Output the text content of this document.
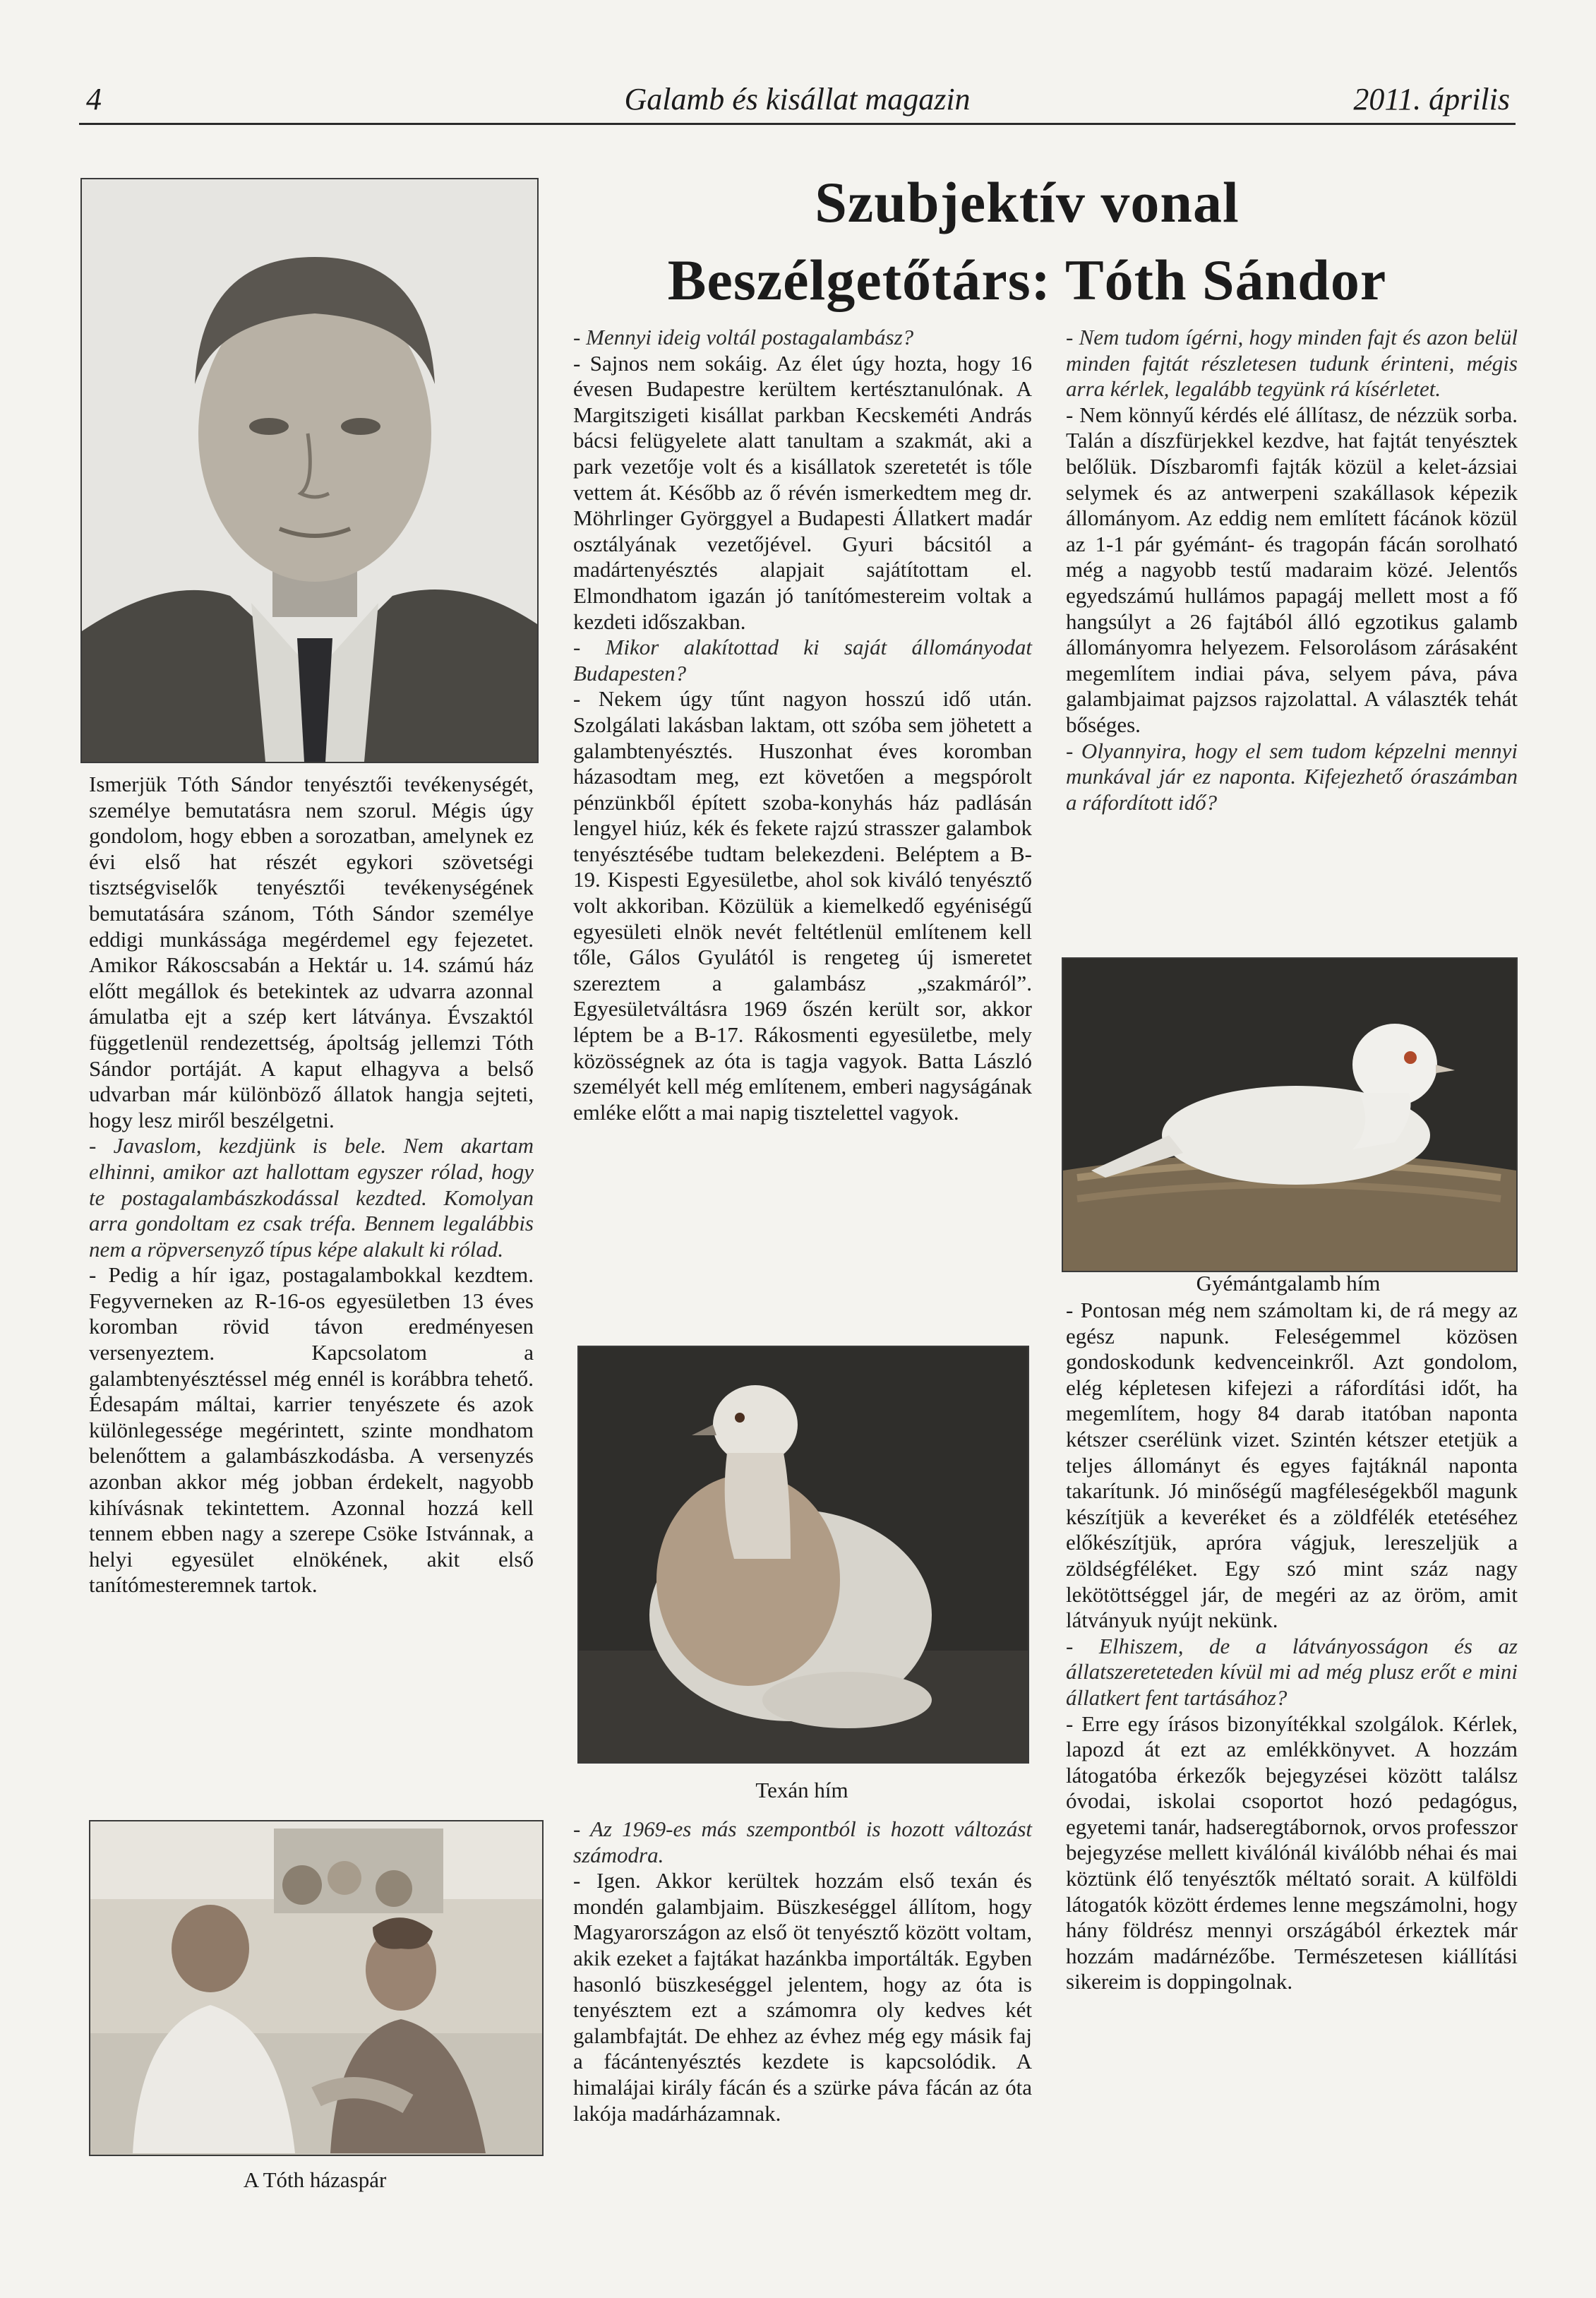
4	Galamb és kisállat magazin	2011. április
Szubjektív vonal
Beszélgetőtárs: Tóth Sándor

Ismerjük Tóth Sándor tenyésztői tevékenységét, személye bemutatásra nem szorul. Mégis úgy gondolom, hogy ebben a sorozatban, amelynek ez évi első hat részét egykori szövetségi tisztségviselők tenyésztői tevékenységének bemutatására szánom, Tóth Sándor személye eddigi munkássága megérdemel egy fejezetet. Amikor Rákoscsabán a Hektár u. 14. számú ház előtt megállok és betekintek az udvarra azonnal ámulatba ejt a szép kert látványa. Évszaktól függetlenül rendezettség, ápoltság jellemzi Tóth Sándor portáját. A kaput elhagyva a belső udvarban már különböző állatok hangja sejteti, hogy lesz miről beszélgetni.

- Javaslom, kezdjünk is bele. Nem akartam elhinni, amikor azt hallottam egyszer rólad, hogy te postagalambászkodással kezdted. Komolyan arra gondoltam ez csak tréfa. Bennem legalábbis nem a röpversenyző típus képe alakult ki rólad.

- Pedig a hír igaz, postagalambokkal kezdtem. Fegyverneken az R-16-os egyesületben 13 éves koromban rövid távon eredményesen versenyeztem. Kapcsolatom a galambtenyésztéssel még ennél is korábbra tehető. Édesapám máltai, karrier tenyészete és azok különlegessége megérintett, szinte mondhatom belenőttem a galambászkodásba. A versenyzés azonban akkor még jobban érdekelt, nagyobb kihívásnak tekintettem. Azonnal hozzá kell tennem ebben nagy a szerepe Csöke Istvánnak, a helyi egyesület elnökének, akit első tanítómesteremnek tartok.

- Mennyi ideig voltál postagalambász?

- Sajnos nem sokáig. Az élet úgy hozta, hogy 16 évesen Budapestre kerültem kertésztanulónak. A Margitszigeti kisállat parkban Kecskeméti András bácsi felügyelete alatt tanultam a szakmát, aki a park vezetője volt és a kisállatok szeretetét is tőle vettem át. Később az ő révén ismerkedtem meg dr. Möhrlinger Györggyel a Budapesti Állatkert madár osztályának vezetőjével. Gyuri bácsitól a madártenyésztés alapjait sajátítottam el. Elmondhatom igazán jó tanítómestereim voltak a kezdeti időszakban.

- Mikor alakítottad ki saját állományodat Budapesten?

- Nekem úgy tűnt nagyon hosszú idő után. Szolgálati lakásban laktam, ott szóba sem jöhetett a galambtenyésztés. Huszonhat éves koromban házasodtam meg, ezt követően a megspórolt pénzünkből épített szoba-konyhás ház padlásán lengyel hiúz, kék és fekete rajzú strasszer galambok tenyésztésébe tudtam belekezdeni. Beléptem a B-19. Kispesti Egyesületbe, ahol sok kiváló tenyésztő volt akkoriban. Közülük a kiemelkedő egyéniségű egyesületi elnök nevét feltétlenül említenem kell tőle, Gálos Gyulától is rengeteg új ismeretet szereztem a galambász „szakmáról”. Egyesületváltásra 1969 őszén került sor, akkor léptem be a B-17. Rákosmenti egyesületbe, mely közösségnek az óta is tagja vagyok. Batta László személyét kell még említenem, emberi nagyságának emléke előtt a mai napig tisztelettel vagyok.

Texán hím

- Az 1969-es más szempontból is hozott változást számodra.

- Igen. Akkor kerültek hozzám első texán és mondén galambjaim. Büszkeséggel állítom, hogy Magyarországon az első öt tenyésztő között voltam, akik ezeket a fajtákat hazánkba importálták. Egyben hasonló büszkeséggel jelentem, hogy az óta is tenyésztem ezt a számomra oly kedves két galambfajtát. De ehhez az évhez még egy másik faj a fácántenyésztés kezdete is kapcsolódik. A himalájai király fácán és a szürke páva fácán az óta lakója madárházamnak.

- Nem tudom ígérni, hogy minden fajt és azon belül minden fajtát részletesen tudunk érinteni, mégis arra kérlek, legalább tegyünk rá kísérletet.

- Nem könnyű kérdés elé állítasz, de nézzük sorba. Talán a díszfürjekkel kezdve, hat fajtát tenyésztek belőlük. Díszbaromfi fajták közül a kelet-ázsiai selymek és az antwerpeni szakállasok képezik állományom. Az eddig nem említett fácánok közül az 1-1 pár gyémánt- és tragopán fácán sorolható még a nagyobb testű madaraim közé. Jelentős egyedszámú hullámos papagáj mellett most a fő hangsúlyt a 26 fajtából álló egzotikus galamb állományomra helyezem. Felsorolásom zárásaként megemlítem indiai páva, selyem páva, páva galambjaimat pajzsos rajzolattal. A választék tehát bőséges.

- Olyannyira, hogy el sem tudom képzelni mennyi munkával jár ez naponta. Kifejezhető óraszámban a ráfordított idő?

Gyémántgalamb hím

- Pontosan még nem számoltam ki, de rá megy az egész napunk. Feleségemmel közösen gondoskodunk kedvenceinkről. Azt gondolom, elég képletesen kifejezi a ráfordítási időt, ha megemlítem, hogy 84 darab itatóban naponta kétszer cserélünk vizet. Szintén kétszer etetjük a teljes állományt és egyes fajtáknál naponta takarítunk. Jó minőségű magféleségekből magunk készítjük a keveréket és a zöldfélék etetéséhez előkészítjük, apróra vágjuk, lereszeljük a zöldségféléket. Egy szó mint száz nagy lekötöttséggel jár, de megéri az az öröm, amit látványuk nyújt nekünk.

- Elhiszem, de a látványosságon és az állatszereteteden kívül mi ad még plusz erőt e mini állatkert fent tartásához?

- Erre egy írásos bizonyítékkal szolgálok. Kérlek, lapozd át ezt az emlékkönyvet. A hozzám látogatóba érkezők bejegyzései között találsz óvodai, iskolai csoportot hozó pedagógus, egyetemi tanár, hadseregtábornok, orvos professzor bejegyzése mellett kiválónál kiválóbb néhai és mai köztünk élő tenyésztők méltató sorait. A külföldi látogatók között érdemes lenne megszámolni, hogy hány földrész mennyi országából érkeztek már hozzám madárnézőbe. Természetesen kiállítási sikereim is doppingolnak.

A Tóth házaspár
